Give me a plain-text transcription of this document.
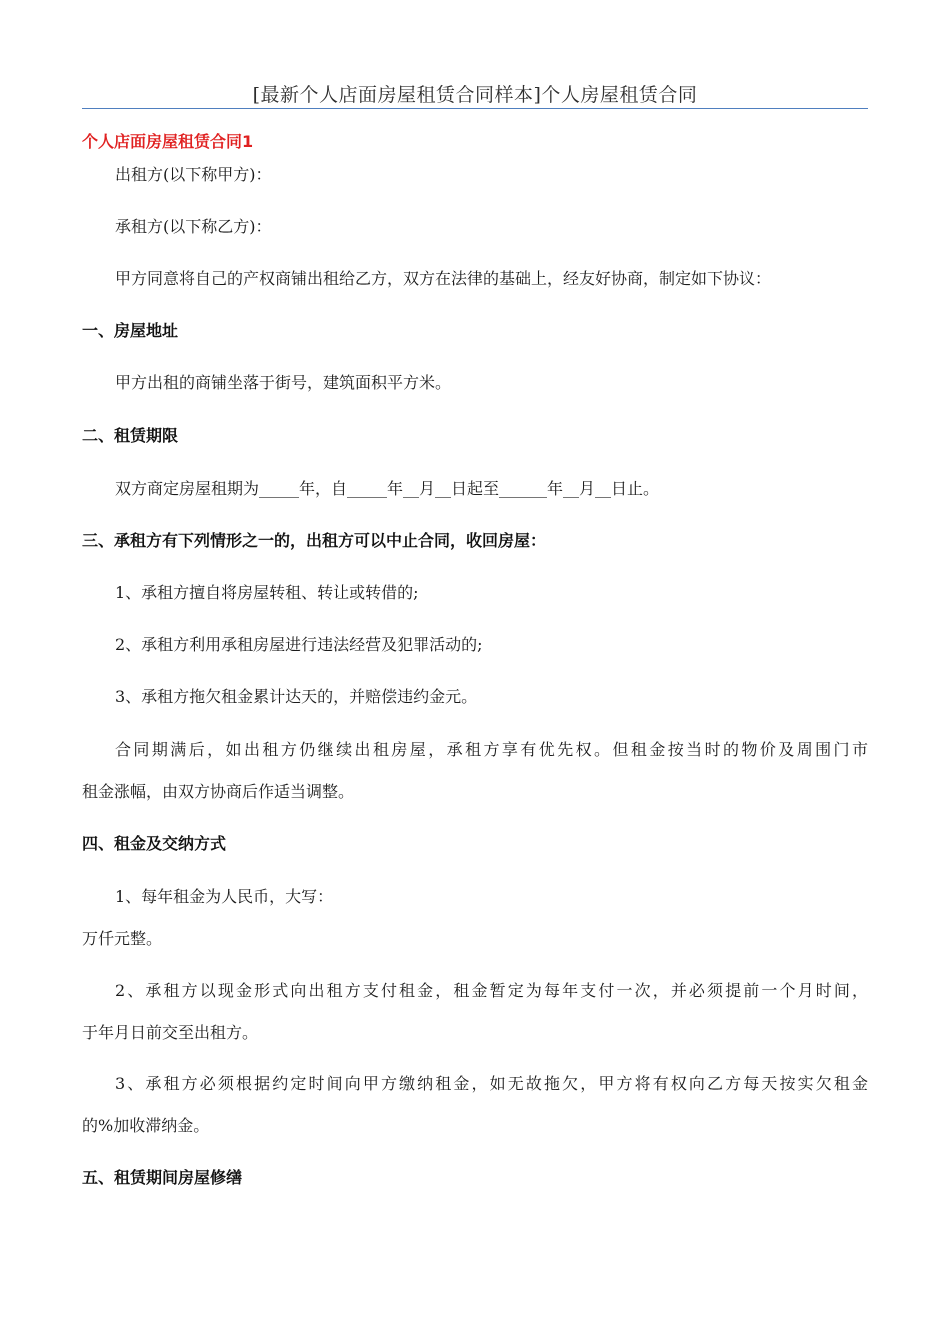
[最新个人店面房屋租赁合同样本]个人房屋租赁合同
个人店面房屋租赁合同1
出租方(以下称甲方)：
承租方(以下称乙方)：
甲方同意将自己的产权商铺出租给乙方，双方在法律的基础上，经友好协商，制定如下协议：
一、房屋地址
甲方出租的商铺坐落于街号，建筑面积平方米。
二、租赁期限
双方商定房屋租期为_____年，自_____年__月__日起至______年__月__日止。
三、承租方有下列情形之一的，出租方可以中止合同，收回房屋：
1、承租方擅自将房屋转租、转让或转借的;
2、承租方利用承租房屋进行违法经营及犯罪活动的;
3、承租方拖欠租金累计达天的，并赔偿违约金元。
合同期满后，如出租方仍继续出租房屋，承租方享有优先权。但租金按当时的物价及周围门市
租金涨幅，由双方协商后作适当调整。
四、租金及交纳方式
1、每年租金为人民币，大写：
万仟元整。
2、承租方以现金形式向出租方支付租金，租金暂定为每年支付一次，并必须提前一个月时间，
于年月日前交至出租方。
3、承租方必须根据约定时间向甲方缴纳租金，如无故拖欠，甲方将有权向乙方每天按实欠租金
的%加收滞纳金。
五、租赁期间房屋修缮
